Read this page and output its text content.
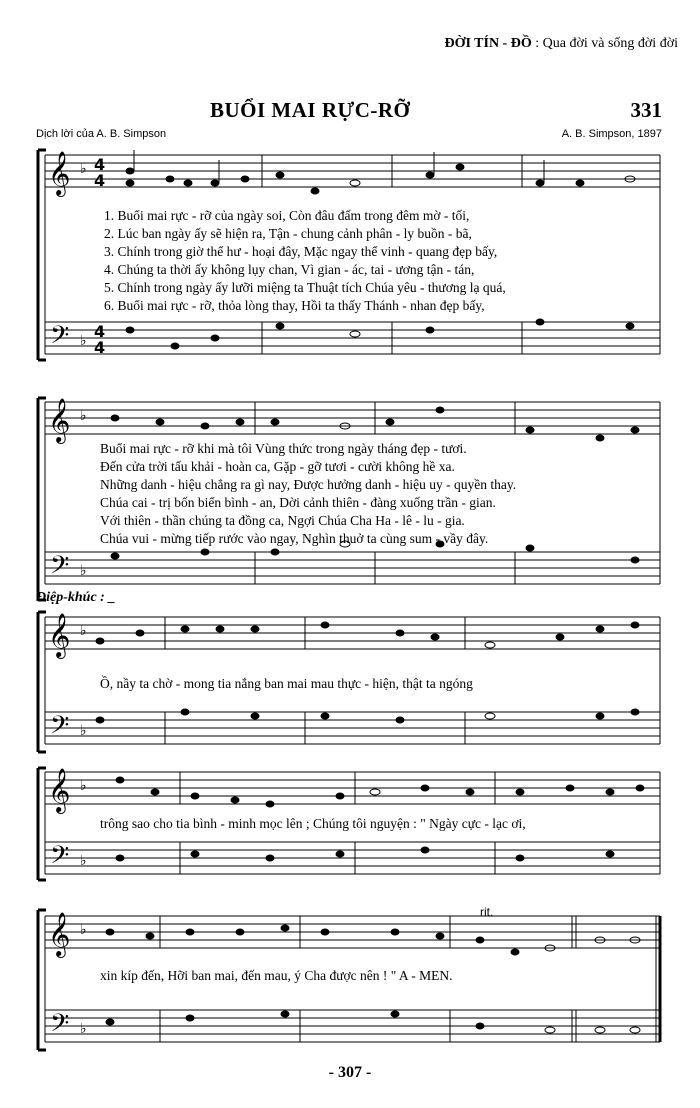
ĐỜI TÍN - ĐỒ : Qua đời và sống đời đời
BUỔI MAI RỰC-RỠ	331
Dịch lời của A. B. Simpson	A. B. Simpson, 1897
𝄞
𝄢
♭
♭
𝄞
𝄢
♭
♭
𝄞
𝄢
♭
♭
𝄞
𝄢
♭
♭
𝄞
𝄢
♭
♭
4
4
4
4
1. Buổi mai rực - rỡ của ngày soi, Còn đâu đấm trong đêm mờ - tối,
2. Lúc ban ngày ấy sẽ hiện ra, Tận - chung cảnh phân - ly buồn - bã,
3. Chính trong giờ thể hư - hoại đây, Mặc ngay thể vinh - quang đẹp bấy,
4. Chúng ta thời ấy không lụy chan, Vì gian - ác, tai - ương tận - tán,
5. Chính trong ngày ấy lưỡi miệng ta Thuật tích Chúa yêu - thương lạ quá,
6. Buổi mai rực - rỡ, thỏa lòng thay, Hồi ta thấy Thánh - nhan đẹp bấy,
Buổi mai rực - rỡ khi mà tôi Vùng thức trong ngày tháng đẹp - tươi.
Đến cửa trời tấu khải - hoàn ca, Gặp - gỡ tươi - cười không hề xa.
Những danh - hiệu chẳng ra gì nay, Được hưởng danh - hiệu uy - quyền thay.
Chúa cai - trị bốn biển bình - an, Dời cảnh thiên - đàng xuống trần - gian.
Với thiên - thần chúng ta đồng ca, Ngợi Chúa Cha Ha - lê - lu - gia.
Chúa vui - mừng tiếp rước vào ngay, Nghìn thuở ta cùng sum - vầy đây.
Điệp-khúc : _
Ồ, nầy ta chờ - mong tia nắng ban mai mau thực - hiện, thật ta ngóng
trông sao cho tia bình - minh mọc lên ; Chúng tôi nguyện : " Ngày cực - lạc ơi,
xin kíp đến, Hỡi ban mai, đến mau, ý Cha được nên ! " A - MEN.
rit.
- 307 -
